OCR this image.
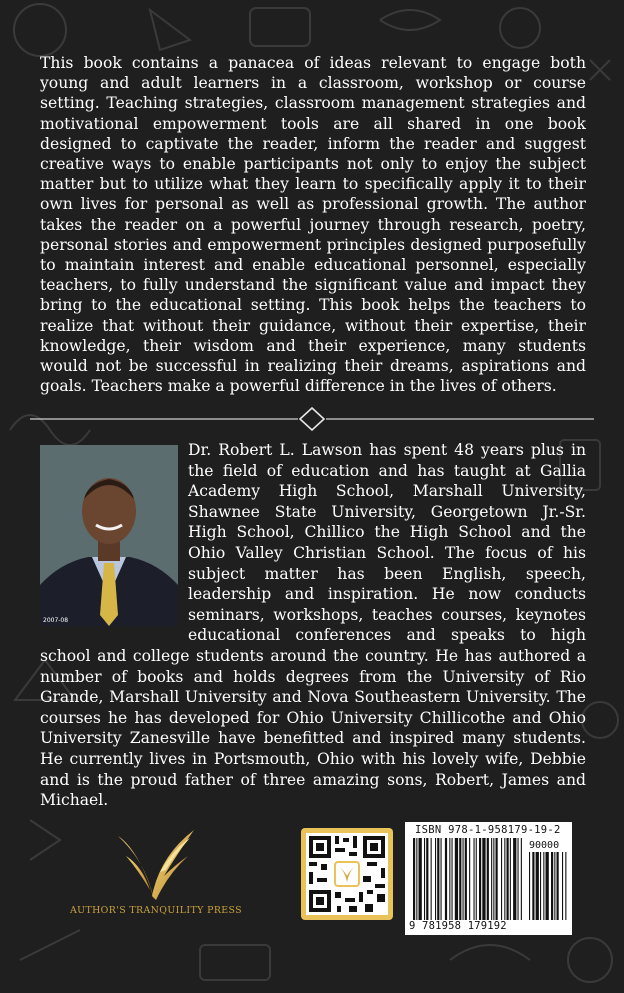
This book contains a panacea of ideas relevant to engage both young and adult learners in a classroom, workshop or course setting. Teaching strategies, classroom management strategies and motivational empowerment tools are all shared in one book designed to captivate the reader, inform the reader and suggest creative ways to enable participants not only to enjoy the subject matter but to utilize what they learn to specifically apply it to their own lives for personal as well as professional growth. The author takes the reader on a powerful journey through research, poetry, personal stories and empowerment principles designed purposefully to maintain interest and enable educational personnel, especially teachers, to fully understand the significant value and impact they bring to the educational setting. This book helps the teachers to realize that without their guidance, without their expertise, their knowledge, their wisdom and their experience, many students would not be successful in realizing their dreams, aspirations and goals. Teachers make a powerful difference in the lives of others.

2007-08

Dr. Robert L. Lawson has spent 48 years plus in the field of education and has taught at Gallia Academy High School, Marshall University, Shawnee State University, Georgetown Jr.-Sr. High School, Chillico the High School and the Ohio Valley Christian School. The focus of his subject matter has been English, speech, leadership and inspiration. He now conducts seminars, workshops, teaches courses, keynotes educational conferences and speaks to high school and college students around the country. He has authored a number of books and holds degrees from the University of Rio Grande, Marshall University and Nova Southeastern University. The courses he has developed for Ohio University Chillicothe and Ohio University Zanesville have benefitted and inspired many students. He currently lives in Portsmouth, Ohio with his lovely wife, Debbie and is the proud father of three amazing sons, Robert, James and Michael.

AUTHOR'S TRANQUILITY PRESS
ISBN 978-1-958179-19-2
90000
9 781958 179192
